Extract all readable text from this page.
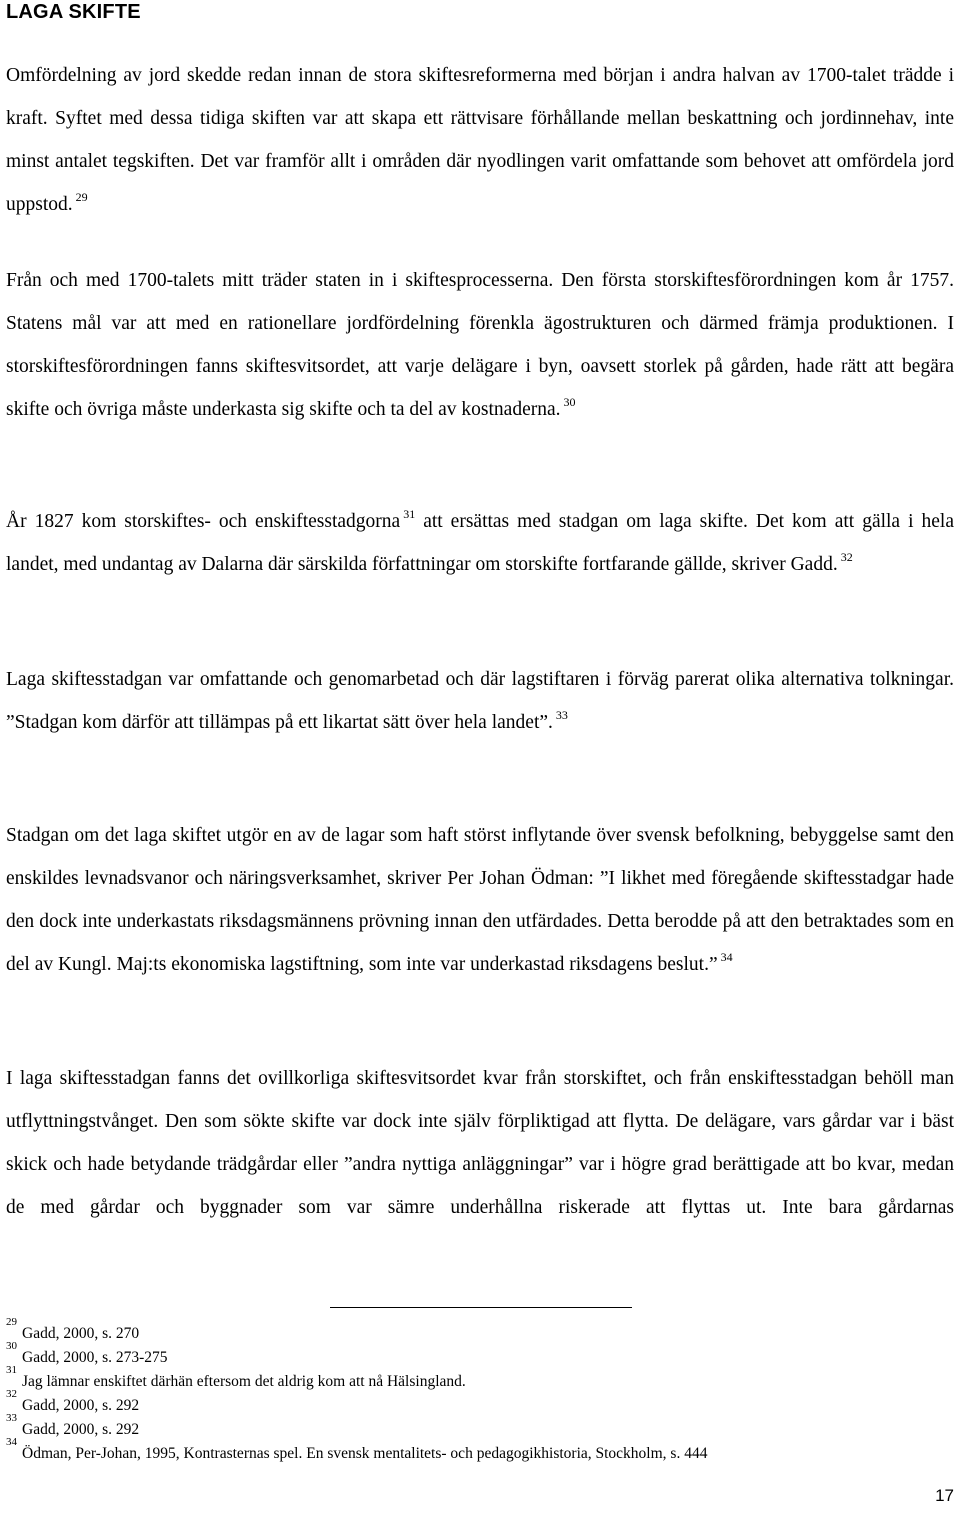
LAGA SKIFTE

Omfördelning av jord skedde redan innan de stora skiftesreformerna med början i andra halvan av 1700-talet trädde i kraft. Syftet med dessa tidiga skiften var att skapa ett rättvisare förhållande mellan beskattning och jordinnehav, inte minst antalet tegskiften. Det var framför allt i områden där nyodlingen varit omfattande som behovet att omfördela jord uppstod. $^{29}$

Från och med 1700-talets mitt träder staten in i skiftesprocesserna. Den första storskiftesförordningen kom år 1757. Statens mål var att med en rationellare jordfördelning förenkla ägostrukturen och därmed främja produktionen. I storskiftesförordningen fanns skiftesvitsordet, att varje delägare i byn, oavsett storlek på gården, hade rätt att begära skifte och övriga måste underkasta sig skifte och ta del av kostnaderna. $^{30}$

År 1827 kom storskiftes- och enskiftesstadgorna $^{31}$ att ersättas med stadgan om laga skifte. Det kom att gälla i hela landet, med undantag av Dalarna där särskilda författningar om storskifte fortfarande gällde, skriver Gadd. $^{32}$

Laga skiftesstadgan var omfattande och genomarbetad och där lagstiftaren i förväg parerat olika alternativa tolkningar. ”Stadgan kom därför att tillämpas på ett likartat sätt över hela landet”. $^{33}$

Stadgan om det laga skiftet utgör en av de lagar som haft störst inflytande över svensk befolkning, bebyggelse samt den enskildes levnadsvanor och näringsverksamhet, skriver Per Johan Ödman: ”I likhet med föregående skiftesstadgar hade den dock inte underkastats riksdagsmännens prövning innan den utfärdades. Detta berodde på att den betraktades som en del av Kungl. Maj:ts ekonomiska lagstiftning, som inte var underkastad riksdagens beslut.” $^{34}$

I laga skiftesstadgan fanns det ovillkorliga skiftesvitsordet kvar från storskiftet, och från enskiftesstadgan behöll man utflyttningstvånget. Den som sökte skifte var dock inte själv förpliktigad att flytta. De delägare, vars gårdar var i bäst skick och hade betydande trädgårdar eller ”andra nyttiga anläggningar” var i högre grad berättigade att bo kvar, medan de med gårdar och byggnader som var sämre underhållna riskerade att flyttas ut. Inte bara gårdarnas

29
Gadd, 2000, s. 270
30
Gadd, 2000, s. 273-275
31
Jag lämnar enskiftet därhän eftersom det aldrig kom att nå Hälsingland.
32
Gadd, 2000, s. 292
33
Gadd, 2000, s. 292
34
Ödman, Per-Johan, 1995, Kontrasternas spel. En svensk mentalitets- och pedagogikhistoria, Stockholm, s. 444
17
